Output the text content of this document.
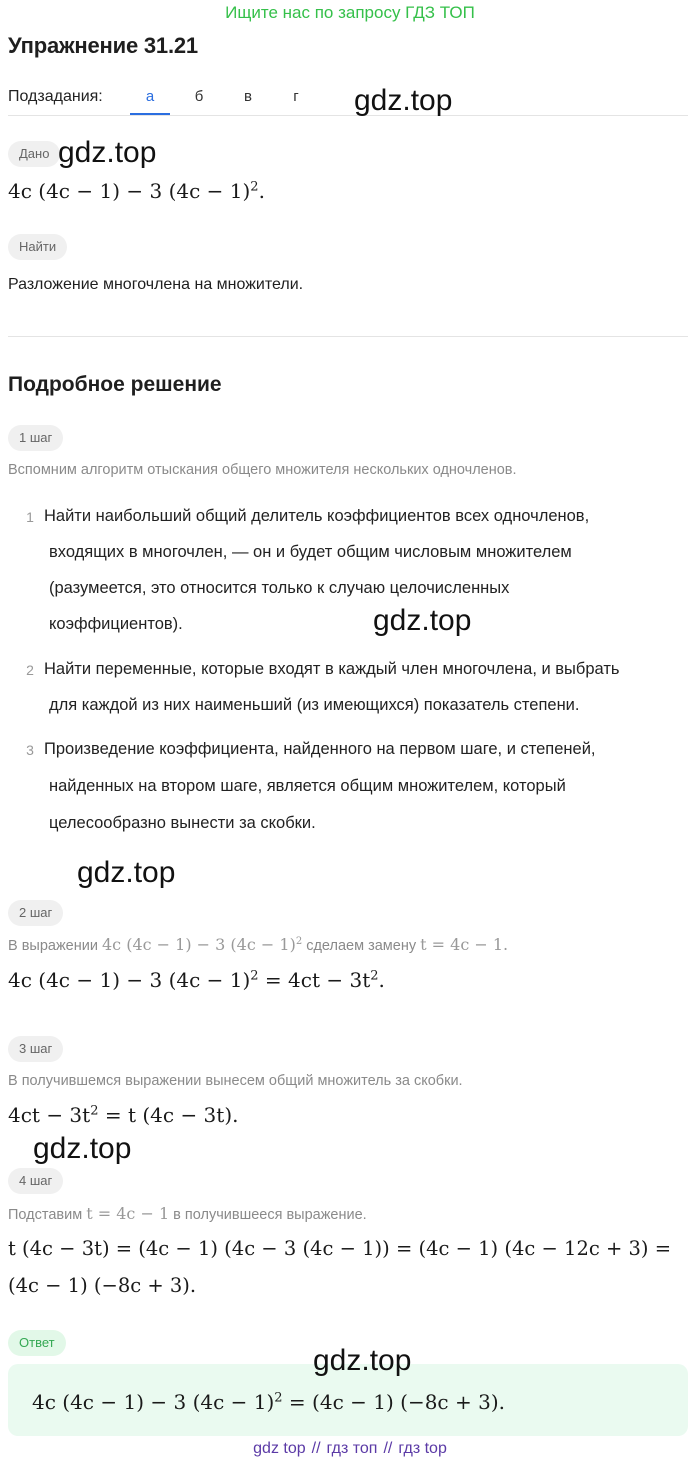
Ищите нас по запросу ГДЗ ТОП
Упражнение 31.21
Подзадания:	а	б	в	г	gdz.top
Дано gdz.top
4c (4c − 1) − 3 $(4c - 1)^2$.
Найти
Разложение многочлена на множители.
Подробное решение
1 шаг
Вспомним алгоритм отыскания общего множителя нескольких одночленов.
1 Найти наибольший общий делитель коэффициентов всех одночленов,
входящих в многочлен, — он и будет общим числовым множителем
(разумеется, это относится только к случаю целочисленных
коэффициентов).	gdz.top
2 Найти переменные, которые входят в каждый член многочлена, и выбрать
для каждой из них наименьший (из имеющихся) показатель степени.
3 Произведение коэффициента, найденного на первом шаге, и степеней,
найденных на втором шаге, является общим множителем, который
целесообразно вынести за скобки.
gdz.top
2 шаг
В выражении 4c (4c − 1) − 3 $(4c - 1)^2$ сделаем замену t = 4c − 1.
4c (4c − 1) − 3 $(4c - 1)^2 = 4ct - 3t^2$.
3 шаг
В получившемся выражении вынесем общий множитель за скобки.
$4ct - 3t^2 = t$ (4c − 3t).
gdz.top
4 шаг
Подставим t = 4c − 1 в получившееся выражение.
t (4c − 3t) = (4c − 1) (4c − 3 (4c − 1)) = (4c − 1) (4c − 12c + 3) =
(4c − 1) (−8c + 3).
Ответ
gdz.top
4c (4c − 1) − 3 $(4c - 1)^2 = (4c - 1)$ (−8c + 3).
gdz top // гдз топ // гдз top
